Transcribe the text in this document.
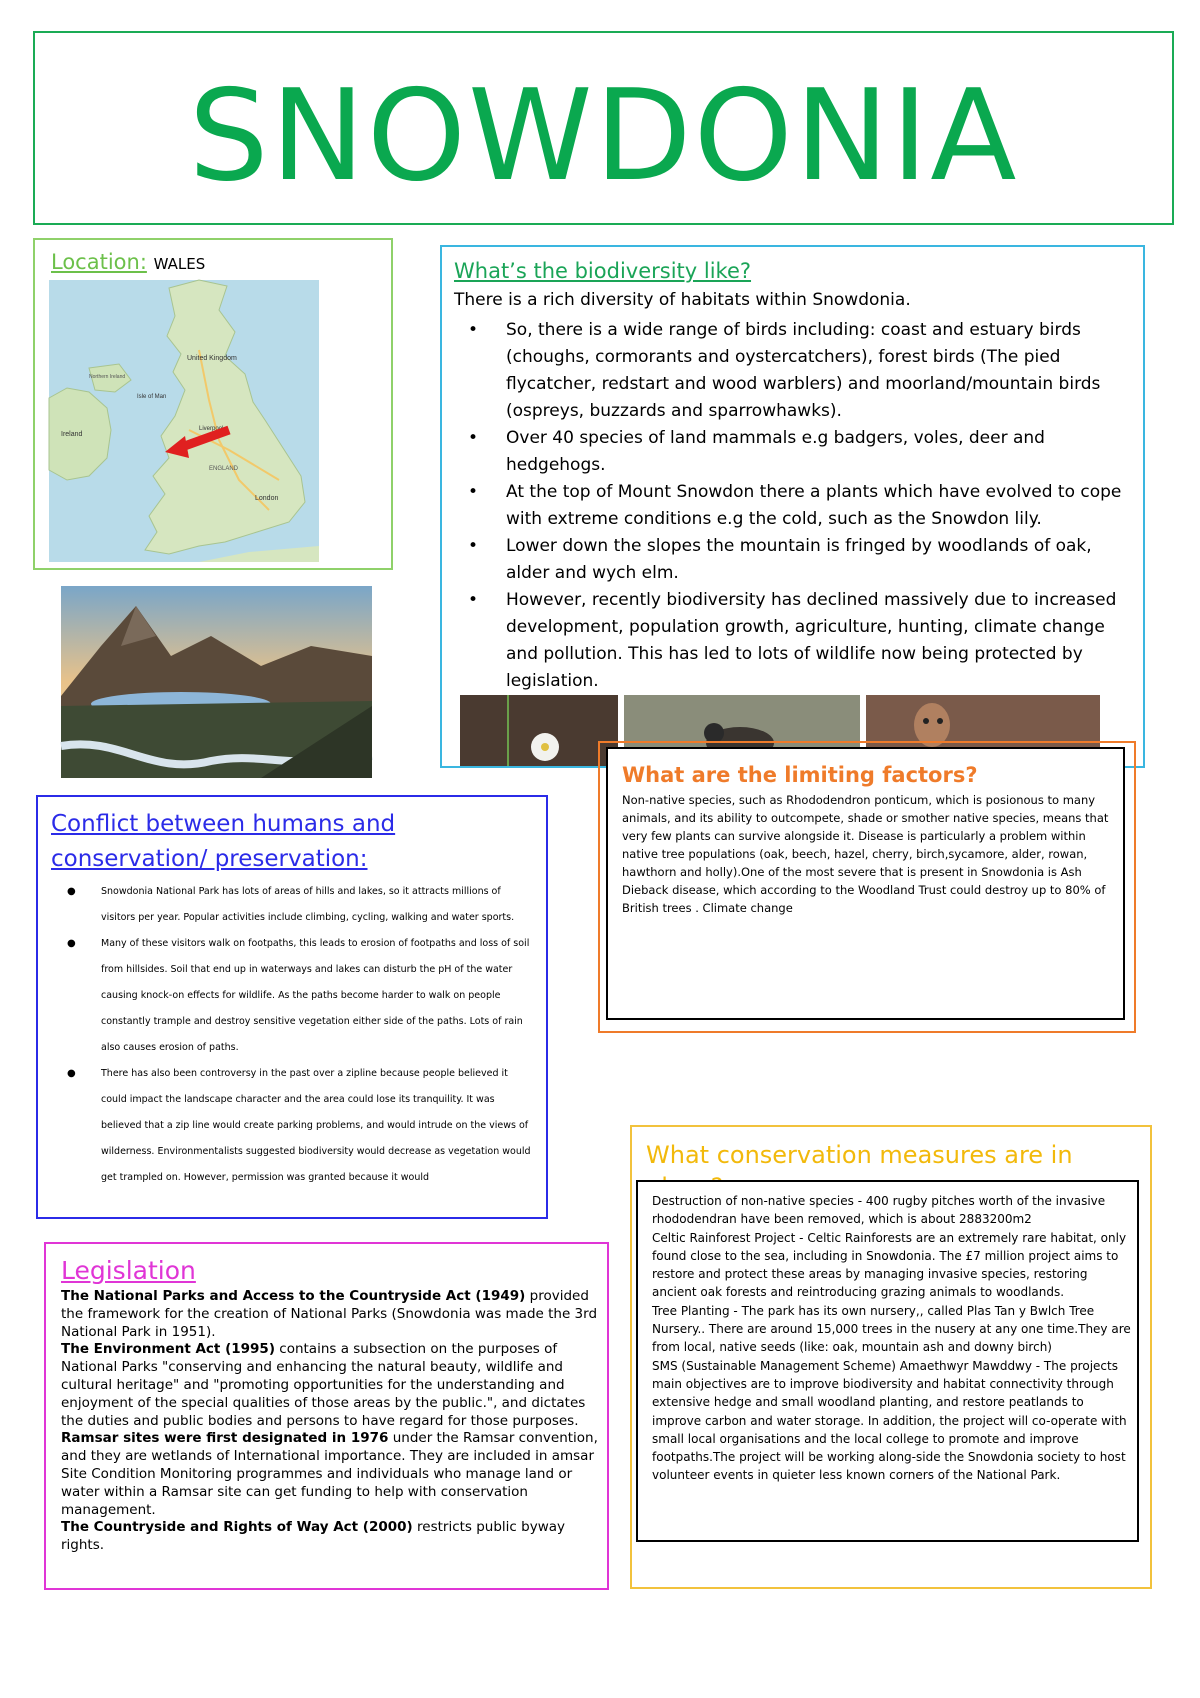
SNOWDONIA
Location: WALES
United Kingdom
Isle of Man
Ireland
Liverpool
ENGLAND
London
Northern Ireland
What’s the biodiversity like?
There is a rich diversity of habitats within Snowdonia.
• So, there is a wide range of birds including: coast and estuary birds (choughs, cormorants and oystercatchers), forest birds (The pied flycatcher, redstart and wood warblers) and moorland/mountain birds (ospreys, buzzards and sparrowhawks).
• Over 40 species of land mammals e.g badgers, voles, deer and hedgehogs.
• At the top of Mount Snowdon there a plants which have evolved to cope with extreme conditions e.g the cold, such as the Snowdon lily.
• Lower down the slopes the mountain is fringed by woodlands of oak, alder and wych elm.
• However, recently biodiversity has declined massively due to increased development, population growth, agriculture, hunting, climate change and pollution. This has led to lots of wildlife now being protected by legislation.
What are the limiting factors?
Non-native species, such as Rhododendron ponticum, which is posionous to many animals, and its ability to outcompete, shade or smother native species, means that very few plants can survive alongside it. Disease is particularly a problem within native tree populations (oak, beech, hazel, cherry, birch,sycamore, alder, rowan, hawthorn and holly).One of the most severe that is present in Snowdonia is Ash Dieback disease, which according to the Woodland Trust could destroy up to 80% of British trees . Climate change
Conflict between humans and conservation/ preservation:
● Snowdonia National Park has lots of areas of hills and lakes, so it attracts millions of visitors per year. Popular activities include climbing, cycling, walking and water sports.
● Many of these visitors walk on footpaths, this leads to erosion of footpaths and loss of soil from hillsides. Soil that end up in waterways and lakes can disturb the pH of the water causing knock-on effects for wildlife. As the paths become harder to walk on people constantly trample and destroy sensitive vegetation either side of the paths. Lots of rain also causes erosion of paths.
● There has also been controversy in the past over a zipline because people believed it could impact the landscape character and the area could lose its tranquility. It was believed that a zip line would create parking problems, and would intrude on the views of wilderness. Environmentalists suggested biodiversity would decrease as vegetation would get trampled on. However, permission was granted because it would
Legislation
The National Parks and Access to the Countryside Act (1949) provided the framework for the creation of National Parks (Snowdonia was made the 3rd National Park in 1951).
The Environment Act (1995) contains a subsection on the purposes of National Parks "conserving and enhancing the natural beauty, wildlife and cultural heritage" and "promoting opportunities for the understanding and enjoyment of the special qualities of those areas by the public.", and dictates the duties and public bodies and persons to have regard for those purposes.
Ramsar sites were first designated in 1976 under the Ramsar convention, and they are wetlands of International importance. They are included in amsar Site Condition Monitoring programmes and individuals who manage land or water within a Ramsar site can get funding to help with conservation management.
The Countryside and Rights of Way Act (2000) restricts public byway rights.
What conservation measures are in
Destruction of non-native species - 400 rugby pitches worth of the invasive rhododendran have been removed, which is about 2883200m2
Celtic Rainforest Project - Celtic Rainforests are an extremely rare habitat, only found close to the sea, including in Snowdonia. The £7 million project aims to restore and protect these areas by managing invasive species, restoring ancient oak forests and reintroducing grazing animals to woodlands.
Tree Planting - The park has its own nursery,, called Plas Tan y Bwlch Tree Nursery.. There are around 15,000 trees in the nusery at any one time.They are from local, native seeds (like: oak, mountain ash and downy birch)
SMS (Sustainable Management Scheme) Amaethwyr Mawddwy - The projects main objectives are to improve biodiversity and habitat connectivity through extensive hedge and small woodland planting, and restore peatlands to improve carbon and water storage. In addition, the project will co-operate with small local organisations and the local college to promote and improve footpaths.The project will be working along-side the Snowdonia society to host volunteer events in quieter less known corners of the National Park.
